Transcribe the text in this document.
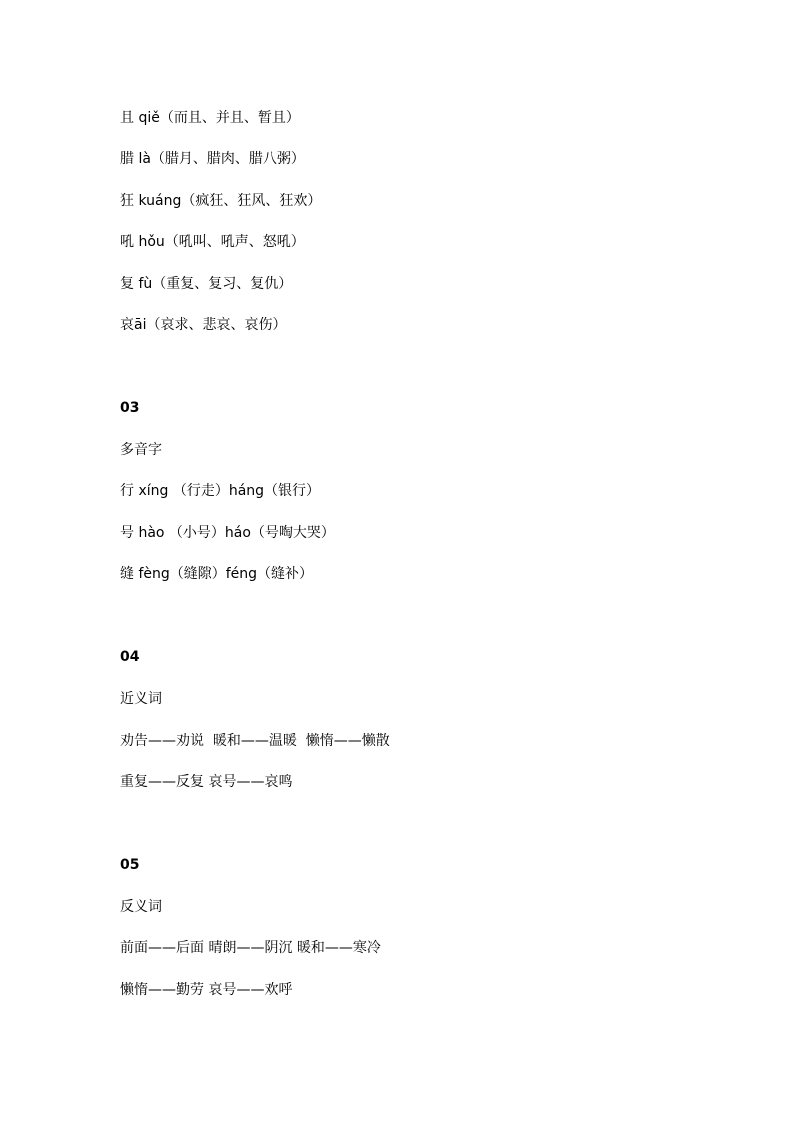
且 qiě（而且、并且、暂且）
腊 là（腊月、腊肉、腊八粥）
狂 kuáng（疯狂、狂风、狂欢）
吼 hǒu（吼叫、吼声、怒吼）
复 fù（重复、复习、复仇）
哀āi（哀求、悲哀、哀伤）
03
多音字
行 xíng （行走）háng（银行）
号 hào （小号）háo（号啕大哭）
缝 fèng（缝隙）féng（缝补）
04
近义词
劝告——劝说  暖和——温暖  懒惰——懒散
重复——反复 哀号——哀鸣
05
反义词
前面——后面 晴朗——阴沉 暖和——寒冷
懒惰——勤劳 哀号——欢呼
